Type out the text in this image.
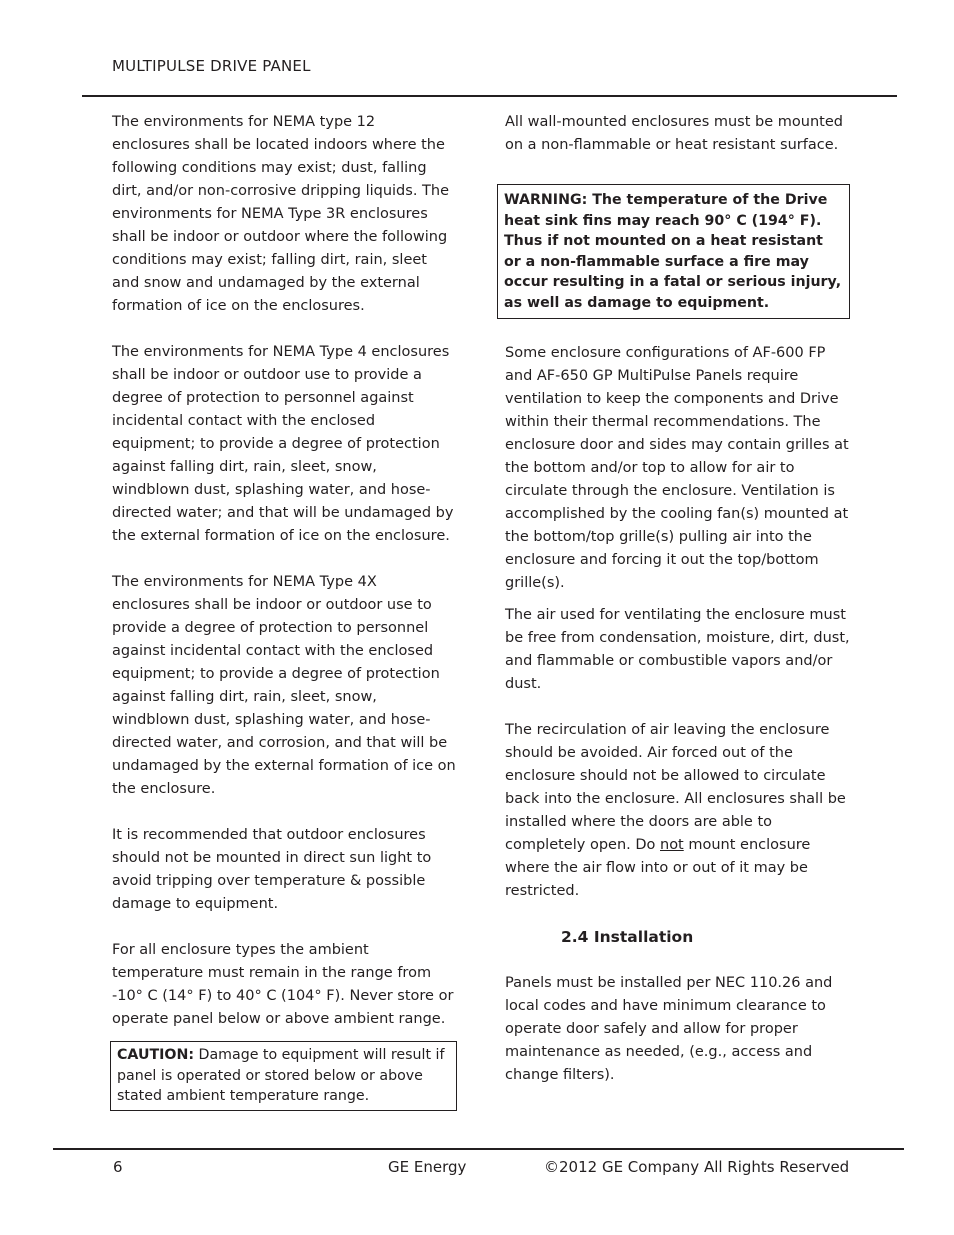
MULTIPULSE DRIVE PANEL

The environments for NEMA type 12 enclosures shall be located indoors where the following conditions may exist; dust, falling dirt, and/or non-corrosive dripping liquids. The environments for NEMA Type 3R enclosures shall be indoor or outdoor where the following conditions may exist; falling dirt, rain, sleet and snow and undamaged by the external formation of ice on the enclosures.

The environments for NEMA Type 4 enclosures shall be indoor or outdoor use to provide a degree of protection to personnel against incidental contact with the enclosed equipment; to provide a degree of protection against falling dirt, rain, sleet, snow, windblown dust, splashing water, and hose-directed water; and that will be undamaged by the external formation of ice on the enclosure.

The environments for NEMA Type 4X enclosures shall be indoor or outdoor use to provide a degree of protection to personnel against incidental contact with the enclosed equipment; to provide a degree of protection against falling dirt, rain, sleet, snow, windblown dust, splashing water, and hose-directed water, and corrosion, and that will be undamaged by the external formation of ice on the enclosure.

It is recommended that outdoor enclosures should not be mounted in direct sun light to avoid tripping over temperature & possible damage to equipment.

For all enclosure types the ambient temperature must remain in the range from -10° C (14° F) to 40° C (104° F). Never store or operate panel below or above ambient range.

CAUTION: Damage to equipment will result if panel is operated or stored below or above stated ambient temperature range.

All wall-mounted enclosures must be mounted on a non-flammable or heat resistant surface.

WARNING: The temperature of the Drive heat sink fins may reach 90° C (194° F). Thus if not mounted on a heat resistant or a non-flammable surface a fire may occur resulting in a fatal or serious injury, as well as damage to equipment.

Some enclosure configurations of AF-600 FP and AF-650 GP MultiPulse Panels require ventilation to keep the components and Drive within their thermal recommendations. The enclosure door and sides may contain grilles at the bottom and/or top to allow for air to circulate through the enclosure. Ventilation is accomplished by the cooling fan(s) mounted at the bottom/top grille(s) pulling air into the enclosure and forcing it out the top/bottom grille(s).

The air used for ventilating the enclosure must be free from condensation, moisture, dirt, dust, and flammable or combustible vapors and/or dust.

The recirculation of air leaving the enclosure should be avoided. Air forced out of the enclosure should not be allowed to circulate back into the enclosure. All enclosures shall be installed where the doors are able to completely open. Do not mount enclosure where the air flow into or out of it may be restricted.

2.4 Installation

Panels must be installed per NEC 110.26 and local codes and have minimum clearance to operate door safely and allow for proper maintenance as needed, (e.g., access and change filters).

6	GE Energy	©2012 GE Company All Rights Reserved
